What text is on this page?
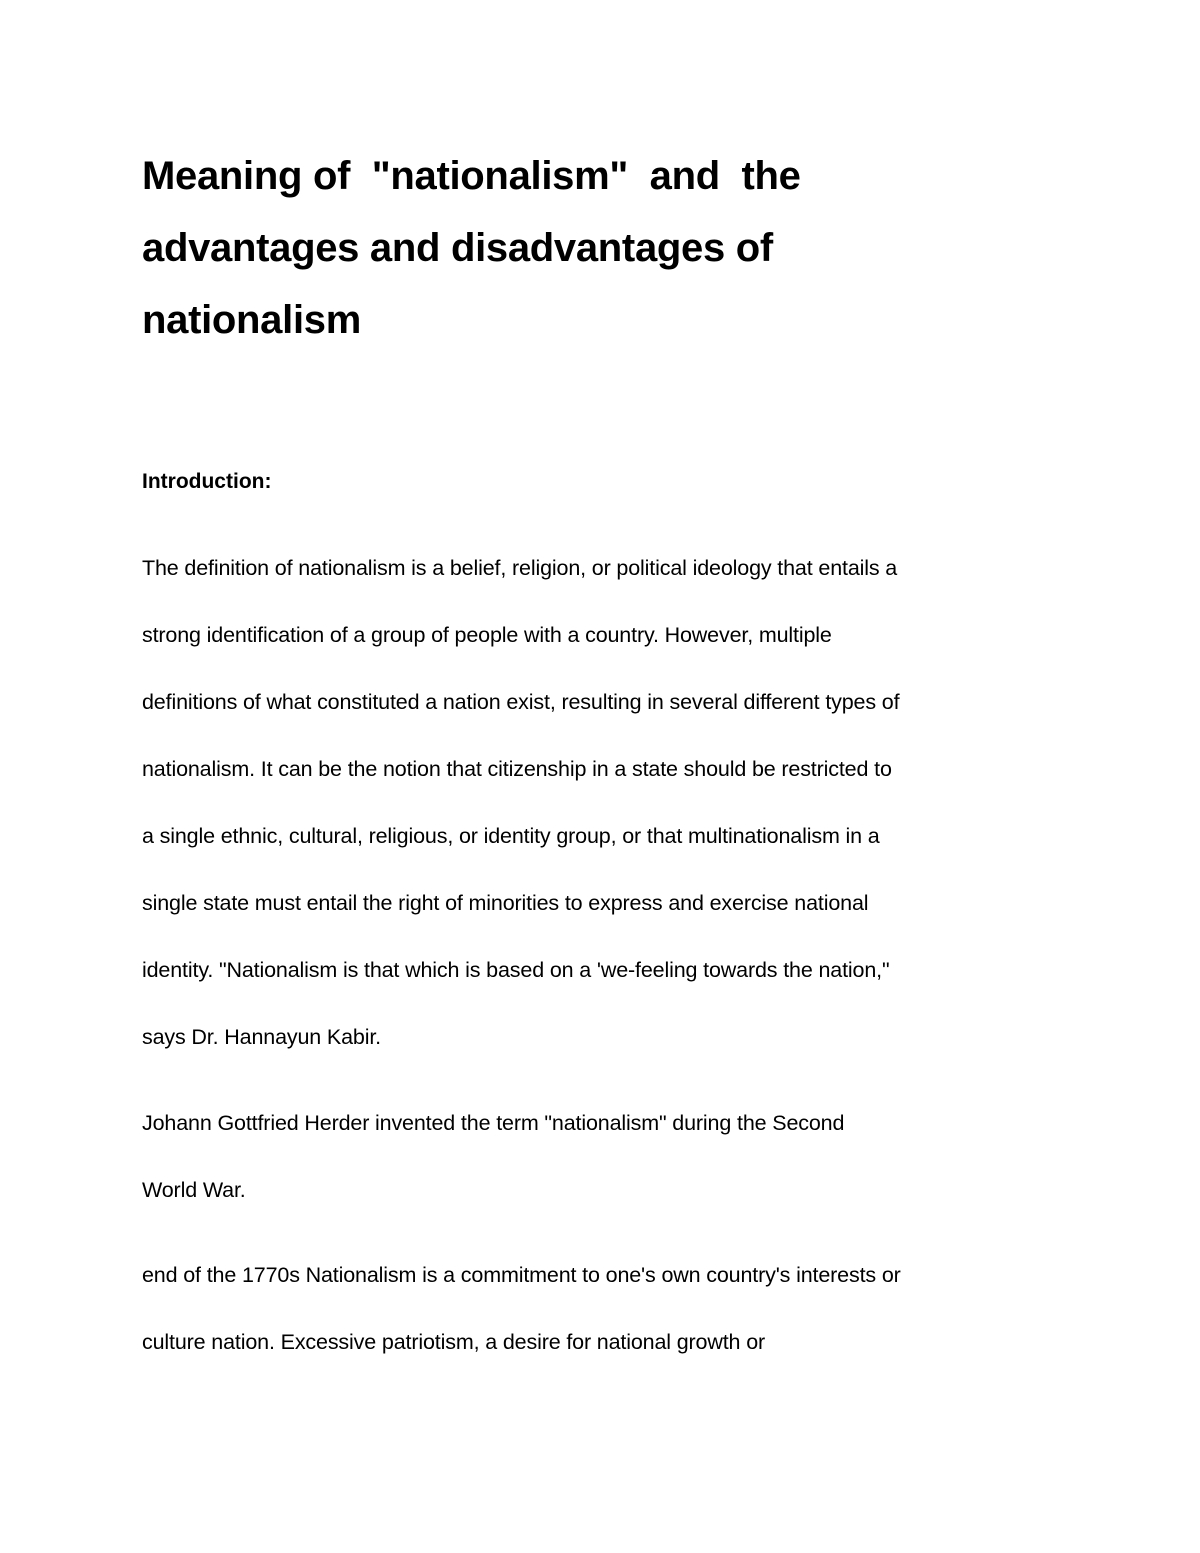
Meaning of  "nationalism"  and  the
advantages and disadvantages of
nationalism
Introduction:
The definition of nationalism is a belief, religion, or political ideology that entails a
strong identification of a group of people with a country. However, multiple
definitions of what constituted a nation exist, resulting in several different types of
nationalism. It can be the notion that citizenship in a state should be restricted to
a single ethnic, cultural, religious, or identity group, or that multinationalism in a
single state must entail the right of minorities to express and exercise national
identity. "Nationalism is that which is based on a 'we-feeling towards the nation,"
says Dr. Hannayun Kabir.
Johann Gottfried Herder invented the term "nationalism" during the Second
World War.
end of the 1770s Nationalism is a commitment to one's own country's interests or
culture nation. Excessive patriotism, a desire for national growth or
